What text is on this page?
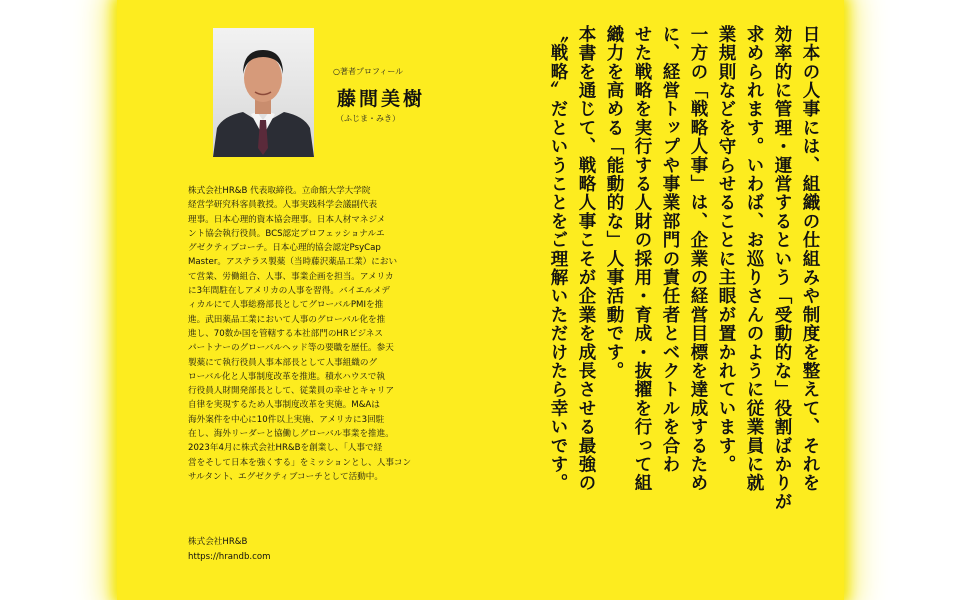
○著者プロフィール
藤間美樹
（ふじま・みき）
株式会社HR&B 代表取締役。立命館大学大学院
経営学研究科客員教授。人事実践科学会議副代表
理事。日本心理的資本協会理事。日本人材マネジメ
ント協会執行役員。BCS認定プロフェッショナルエ
グゼクティブコーチ。日本心理的協会認定PsyCap
Master。アステラス製薬（当時藤沢薬品工業）におい
て営業、労働組合、人事、事業企画を担当。アメリカ
に3年間駐在しアメリカの人事を習得。バイエルメデ
ィカルにて人事総務部長としてグローバルPMIを推
進。武田薬品工業において人事のグローバル化を推
進し、70数か国を管轄する本社部門のHRビジネス
パートナーのグローバルヘッド等の要職を歴任。参天
製薬にて執行役員人事本部長として人事組織のグ
ローバル化と人事制度改革を推進。積水ハウスで執
行役員人財開発部長として、従業員の幸せとキャリア
自律を実現するため人事制度改革を実施。M&Aは
海外案件を中心に10件以上実施、アメリカに3回駐
在し、海外リーダーと協働しグローバル事業を推進。
2023年4月に株式会社HR&Bを創業し、「人事で経
営をそして日本を強くする」をミッションとし、人事コン
サルタント、エグゼクティブコーチとして活動中。
株式会社HR&B
https://hrandb.com
日本の人事には、組織の仕組みや制度を整えて、それを
効率的に管理・運営するという「受動的な」役割ばかりが
求められます。いわば、お巡りさんのように従業員に就
業規則などを守らせることに主眼が置かれています。
一方の「戦略人事」は、企業の経営目標を達成するため
に、経営トップや事業部門の責任者とベクトルを合わ
せた戦略を実行する人財の採用・育成・抜擢を行って組
織力を高める「能動的な」人事活動です。
本書を通じて、戦略人事こそが企業を成長させる最強の
〝戦略〟だということをご理解いただけたら幸いです。
